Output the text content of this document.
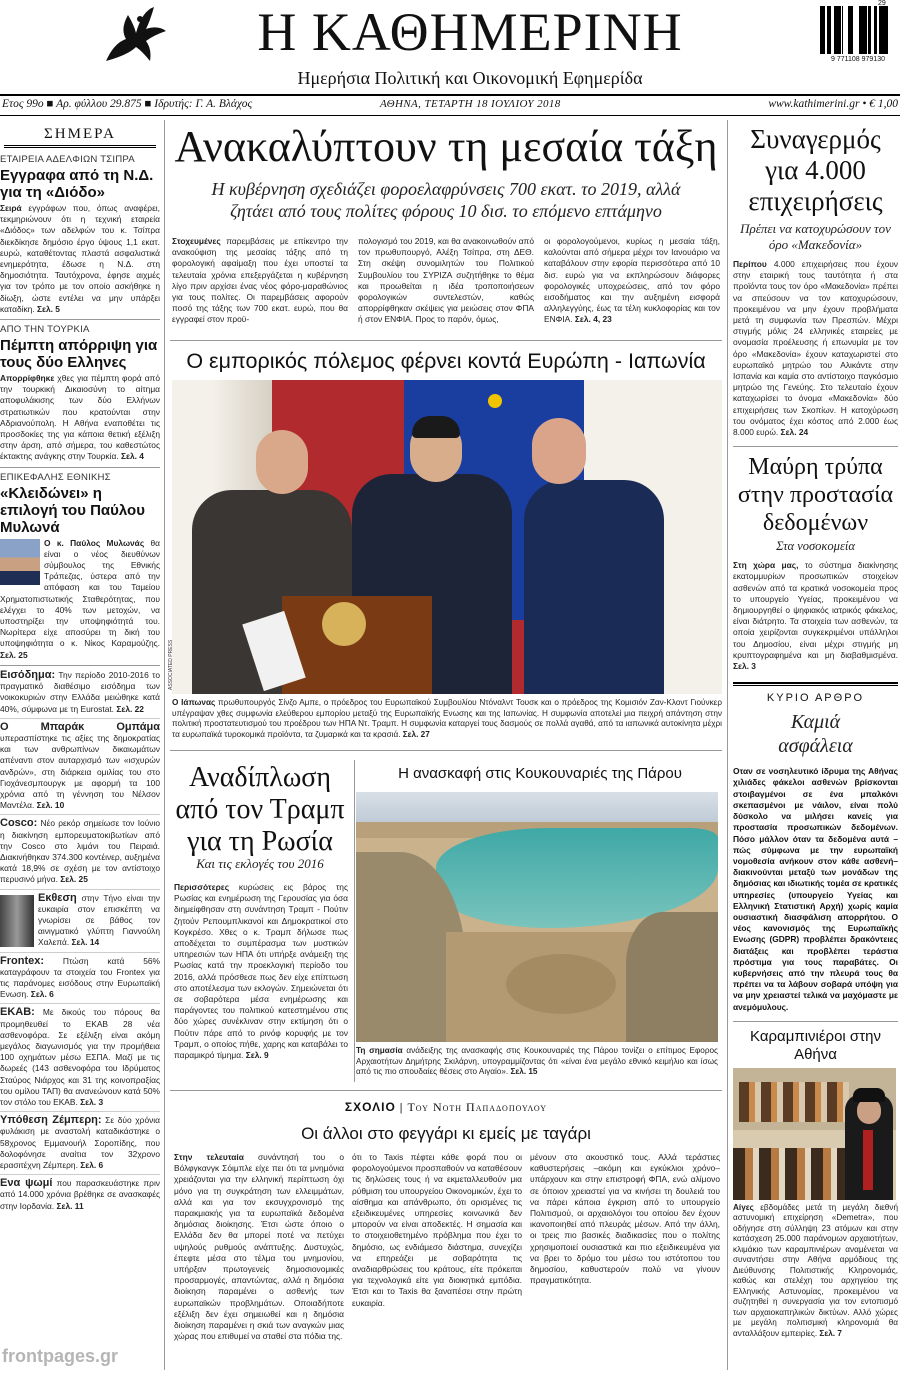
Η ΚΑΘΗΜΕΡΙΝΗ
Ημερήσια Πολιτική και Οικονομική Εφημερίδα
29
9 771108 979130
Ετος 99ο ■ Αρ. φύλλου 29.875 ■ Ιδρυτής: Γ. Α. Βλάχος	ΑΘΗΝΑ, ΤΕΤΑΡΤΗ 18 ΙΟΥΛΙΟΥ 2018	www.kathimerini.gr • € 1,00
ΣΗΜΕΡΑ
ΕΤΑΙΡΕΙΑ ΑΔΕΛΦΙΩΝ ΤΣΙΠΡΑ
Εγγραφα από τη Ν.Δ. για τη «Διόδο»
Σειρά εγγράφων που, όπως αναφέρει, τεκμηριώνουν ότι η τεχνική εταιρεία «Διόδος» των αδελφών του κ. Τσίπρα διεκδίκησε δημόσιο έργο ύψους 1,1 εκατ. ευρώ, καταθέτοντας πλαστά ασφαλιστικά ενημερότητα, έδωσε η Ν.Δ. στη δημοσιότητα. Ταυτόχρονα, έφησε αιχμές για τον τρόπο με τον οποίο ασκήθηκε η δίωξη, ώστε εντέλει να μην υπάρξει καταδίκη. Σελ. 5
ΑΠΟ ΤΗΝ ΤΟΥΡΚΙΑ
Πέμπτη απόρριψη για τους δύο Ελληνες
Απορρίφθηκε χθες για πέμπτη φορά από την τουρκική Δικαιοσύνη το αίτημα αποφυλάκισης των δύο Ελλήνων στρατιωτικών που κρατούνται στην Αδριανούπολη. Η Αθήνα εναποθέτει τις προσδοκίες της για κάποια θετική εξέλιξη στην άρση, από σήμερα, του καθεστώτος έκτακτης ανάγκης στην Τουρκία. Σελ. 4
ΕΠΙΚΕΦΑΛΗΣ ΕΘΝΙΚΗΣ
«Κλειδώνει» η επιλογή του Παύλου Μυλωνά
Ο κ. Παύλος Μυλωνάς θα είναι ο νέος διευθύνων σύμβουλος της Εθνικής Τράπεζας, ύστερα από την απόφαση και του Ταμείου Χρηματοπιστωτικής Σταθερότητας, που ελέγχει το 40% των μετοχών, να υποστηρίξει την υποψηφιότητά του. Νωρίτερα είχε αποσύρει τη δική του υποψηφιότητα ο κ. Νίκος Καραμούζης. Σελ. 25
Εισόδημα: Την περίοδο 2010-2016 το πραγματικό διαθέσιμο εισόδημα των νοικοκυριών στην Ελλάδα μειώθηκε κατά 40%, σύμφωνα με τη Eurostat. Σελ. 22
Ο Μπαράκ Ομπάμα υπερασπίστηκε τις αξίες της δημοκρατίας και των ανθρωπίνων δικαιωμάτων απέναντι στον αυταρχισμό των «ισχυρών ανδρών», στη διάρκεια ομιλίας του στο Γιοχάνεσμπουργκ με αφορμή τα 100 χρόνια από τη γέννηση του Νέλσον Μαντέλα. Σελ. 10
Cosco: Νέο ρεκόρ σημείωσε τον Ιούνιο η διακίνηση εμπορευματοκιβωτίων από την Cosco στο λιμάνι του Πειραιά. Διακινήθηκαν 374.300 κοντέινερ, αυξημένα κατά 18,9% σε σχέση με τον αντίστοιχο περυσινό μήνα. Σελ. 25
Εκθεση στην Τήνο είναι την ευκαιρία στον επισκέπτη να γνωρίσει σε βάθος τον αινιγματικό γλύπτη Γιαννούλη Χαλεπά. Σελ. 14
Frontex: Πτώση κατά 56% καταγράφουν τα στοιχεία του Frontex για τις παράνομες εισόδους στην Ευρωπαϊκή Ενωση. Σελ. 6
ΕΚΑΒ: Με δικούς του πόρους θα προμηθευθεί το ΕΚΑΒ 28 νέα ασθενοφόρα. Σε εξέλιξη είναι ακόμη μεγάλος διαγωνισμός για την προμήθεια 100 οχημάτων μέσω ΕΣΠΑ. Μαζί με τις δωρεές (143 ασθενοφόρα του Ιδρύματος Σταύρος Νιάρχος και 31 της κοινοπραξίας του ομίλου ΤΑΠ) θα ανανεώνουν κατά 50% τον στόλο του ΕΚΑΒ. Σελ. 3
Υπόθεση Ζέμπερη: Σε δύο χρόνια φυλάκιση με αναστολή καταδικάστηκε ο 58χρονος Εμμανουήλ Σοροπίδης, που δολοφόνησε αναίτια τον 32χρονο ερασιτέχνη Ζέμπερη. Σελ. 6
Ενα ψωμί που παρασκευάστηκε πριν από 14.000 χρόνια βρέθηκε σε ανασκαφές στην Ιορδανία. Σελ. 11
frontpages.gr
Ανακαλύπτουν τη μεσαία τάξη
Η κυβέρνηση σχεδιάζει φοροελαφρύνσεις 700 εκατ. το 2019, αλλά ζητάει από τους πολίτες φόρους 10 δισ. το επόμενο επτάμηνο
Στοχευμένες παρεμβάσεις με επίκεντρο την ανακούφιση της μεσαίας τάξης από τη φορολογική αφαίμαξη που έχει υποστεί τα τελευταία χρόνια επεξεργάζεται η κυβέρνηση λίγο πριν αρχίσει ένας νέος φόρο-μαραθώνιος για τους πολίτες. Οι παρεμβάσεις αφορούν ποσό της τάξης των 700 εκατ. ευρώ, που θα εγγραφεί στον προϋ-
πολογισμό του 2019, και θα ανακοινωθούν από τον πρωθυπουργό, Αλέξη Τσίπρα, στη ΔΕΘ. Στη σκέψη συνομιλητών του Πολιτικού Συμβουλίου του ΣΥΡΙΖΑ συζητήθηκε το θέμα και προωθείται η ιδέα τροποποιήσεων φορολογικών συντελεστών, καθώς απορρίφθηκαν σκέψεις για μειώσεις στον ΦΠΑ ή στον ΕΝΦΙΑ. Προς το παρόν, όμως,
οι φορολογούμενοι, κυρίως η μεσαία τάξη, καλούνται από σήμερα μέχρι τον Ιανουάριο να καταβάλουν στην εφορία περισσότερα από 10 δισ. ευρώ για να εκπληρώσουν διάφορες φορολογικές υποχρεώσεις, από τον φόρο εισοδήματος και την αυξημένη εισφορά αλληλεγγύης, έως τα τέλη κυκλοφορίας και τον ΕΝΦΙΑ. Σελ. 4, 23
Ο εμπορικός πόλεμος φέρνει κοντά Ευρώπη - Ιαπωνία
ASSOCIATED PRESS
Ο Ιάπωνας πρωθυπουργός Σίνζο Αμπε, ο πρόεδρος του Ευρωπαϊκού Συμβουλίου Ντόναλντ Τουσκ και ο πρόεδρος της Κομισιόν Ζαν-Κλοντ Γιούνκερ υπέγραψαν χθες συμφωνία ελεύθερου εμπορίου μεταξύ της Ευρωπαϊκής Ενωσης και της Ιαπωνίας. Η συμφωνία αποτελεί μια πειχρή απάντηση στην πολιτική προστατευτισμού του προέδρου των ΗΠΑ Ντ. Τραμπ. Η συμφωνία καταργεί τους δασμούς σε πολλά αγαθά, από τα ιαπωνικά αυτοκίνητα μέχρι τα ευρωπαϊκά τυροκομικά προϊόντα, τα ζυμαρικά και τα κρασιά. Σελ. 27
Αναδίπλωση από τον Τραμπ για τη Ρωσία
Και τις εκλογές του 2016
Περισσότερες κυρώσεις εις βάρος της Ρωσίας και ενημέρωση της Γερουσίας για όσα διημείφθησαν στη συνάντηση Τραμπ - Πούτιν ζητούν Ρεπουμπλικανοί και Δημοκρατικοί στο Κογκρέσο. Χθες ο κ. Τραμπ δήλωσε πως αποδέχεται το συμπέρασμα των μυστικών υπηρεσιών των ΗΠΑ ότι υπήρξε ανάμειξη της Ρωσίας κατά την προεκλογική περίοδο του 2016, αλλά πρόσθεσε πως δεν είχε επίπτωση στο αποτέλεσμα των εκλογών. Σημειώνεται ότι σε σοβαρότερα μέσα ενημέρωσης και παράγοντες του πολιτικού κατεστημένου στις δύο χώρες συνέκλιναν στην εκτίμηση ότι ο Πούτιν πάρε από το ρινόφ κορυφής με τον Τραμπ, ο οποίος πήθε, χαρης και καταβάλει το παραμικρό τίμημα. Σελ. 9
Η ανασκαφή στις Κουκουναριές της Πάρου
Τη σημασία ανάδειξης της ανασκαφής στις Κουκουναριές της Πάρου τονίζει ο επίτιμος Εφορος Αρχαιοτήτων Δημήτρης Σκιλάρνη, υπογραμμίζοντας ότι «είναι ένα μεγάλο εθνικό κειμήλιο και ίσως από τις πιο σπουδαίες θέσεις στο Αιγαίο». Σελ. 15
ΣΧΟΛΙΟ | Του Νοτη Παπαδοπουλου
Οι άλλοι στο φεγγάρι κι εμείς με ταγάρι
Στην τελευταία συνάντησή του ο Βόλφγκανγκ Σόιμπλε είχε πει ότι τα μνημόνια χρειάζονται για την ελληνική περίπτωση όχι μόνο για τη συγκράτηση των ελλειμμάτων, αλλά και για τον εκσυγχρονισμό της παρακμιακής για τα ευρωπαϊκά δεδομένα δημόσιας διοίκησης. Έτσι ώστε όποιο ο Ελλάδα δεν θα μπορεί ποτέ να πετύχει υψηλούς ρυθμούς ανάπτυξης. Δυστυχώς, έπεφτε μέσα στο τέλμα του μνημονίου, υπήρξαν πρωτογενείς δημοσιονομικές προσαρμογές, απαντώντας, αλλά η δημόσια διοίκηση παραμένει ο ασθενής των ευρωπαϊκών προβλημάτων. Οποιαδήποτε εξέλιξη δεν έχει σημειωθεί και η δημόσια διοίκηση παραμένει η σκιά των αναγκών μιας χώρας που επιθυμεί να σταθεί στα πόδια της.
ότι το Taxis πέφτει κάθε φορά που οι φορολογούμενοι προσπαθούν να καταθέσουν τις δηλώσεις τους ή να εκμεταλλευθούν μια ρύθμιση του υπουργείου Οικονομικών, έχει το αίσθημα και απάνθρωπο, ότι ορισμένες τις εξειδικευμένες υπηρεσίες κοινωνικά δεν μπορούν να είναι αποδεκτές. Η σημασία και το στοιχειοθετημένο πρόβλημα που έχει το δημόσιο, ως ενδιάμεσο διάστημα, συνεχίζει να επηρεάζει με σοβαρότητα τις αναδιαρθρώσεις του κράτους, είτε πρόκειται για τεχνολογικά είτε για διοικητικά εμπόδια. Έτσι και το Taxis θα ξαναπέσει στην πρώτη ευκαιρία.
μένουν στο ακουστικό τους. Αλλά τεράστιες καθυστερήσεις –ακόμη και εγκύκλιοι χρόνο– υπάρχουν και στην επιστροφή ΦΠΑ, ενώ αλίμονο σε όποιον χρειαστεί για να κινήσει τη δουλειά του να πάρει κάποια έγκριση από το υπουργείο Πολιτισμού, οι αρχαιολόγοι του οποίου δεν έχουν ικανοποιηθεί από πλευράς μέσων. Από την άλλη, οι τρεις πιο βασικές διαδικασίες που ο πολίτης χρησιμοποιεί ουσιαστικά και πιο εξειδικευμένα για να βρει το δρόμο του μέσω του ιστότοπου του δημοσίου, καθυστερούν πολύ να γίνουν πραγματικότητα.
Συναγερμός για 4.000 επιχειρήσεις
Πρέπει να κατοχυρώσουν τον όρο «Μακεδονία»
Περίπου 4.000 επιχειρήσεις που έχουν στην εταιρική τους ταυτότητα ή στα προϊόντα τους τον όρο «Μακεδονία» πρέπει να σπεύσουν να τον κατοχυρώσουν, προκειμένου να μην έχουν προβλήματα μετά τη συμφωνία των Πρεσπών. Μέχρι στιγμής μόλις 24 ελληνικές εταιρείες με ονομασία προέλευσης ή επωνυμία με τον όρο «Μακεδονία» έχουν καταχωριστεί στο ευρωπαϊκό μητρώο του Αλικάντε στην Ισπανία και καμία στο αντίστοιχο παγκόσμιο μητρώο της Γενεύης. Στο τελευταίο έχουν καταχωρίσει το όνομα «Μακεδονία» δύο επιχειρήσεις των Σκοπίων. Η κατοχύρωση του ονόματος έχει κόστος από 2.000 έως 8.000 ευρώ. Σελ. 24
Μαύρη τρύπα στην προστασία δεδομένων
Στα νοσοκομεία
Στη χώρα μας, το σύστημα διακίνησης εκατομμυρίων προσωπικών στοιχείων ασθενών από τα κρατικά νοσοκομεία προς το υπουργείο Υγείας, προκειμένου να δημιουργηθεί ο ψηφιακός ιατρικός φάκελος, είναι διάτρητο. Τα στοιχεία των ασθενών, τα οποία χειρίζονται συγκεκριμένοι υπάλληλοι του Δημοσίου, είναι μέχρι στιγμής μη κρυπτογραφημένα και μη διαβαθμισμένα. Σελ. 3
ΚΥΡΙΟ ΑΡΘΡΟ
Καμιά ασφάλεια
Οταν σε νοσηλευτικό ίδρυμα της Αθήνας χιλιάδες φάκελοι ασθενών βρίσκονται στοιβαγμένοι σε ένα μπαλκόνι σκεπασμένοι με νάιλον, είναι πολύ δύσκολο να μιλήσει κανείς για προστασία προσωπικών δεδομένων. Πόσο μάλλον όταν τα δεδομένα αυτά –πώς σύμφωνα με την ευρωπαϊκή νομοθεσία ανήκουν στον κάθε ασθενή– διακινούνται μεταξύ των μονάδων της δημόσιας και ιδιωτικής τομέα σε κρατικές υπηρεσίες (υπουργείο Υγείας και Ελληνική Στατιστική Αρχή) χωρίς καμία ουσιαστική διασφάλιση απορρήτου. Ο νέος κανονισμός της Ευρωπαϊκής Ενωσης (GDPR) προβλέπει δρακόντειες διατάξεις και προβλέπει τεράστια πρόστιμα για τους παραβάτες. Οι κυβερνήσεις από την πλευρά τους θα πρέπει να τα λάβουν σοβαρά υπόψη για να μην χρειαστεί τελικά να μαχόμαστε με ανεμόμυλους.
Καραμπινιέροι στην Αθήνα
Αίγες εβδομάδες μετά τη μεγάλη διεθνή αστυνομική επιχείρηση «Demetra», που οδήγησε στη σύλληψη 23 ατόμων και στην κατάσχεση 25.000 παράνομων αρχαιοτήτων, κλιμάκιο των καραμπινιέρων αναμένεται να συναντήσει στην Αθήνα αρμόδιους της Διεύθυνσης Πολιτιστικής Κληρονομιάς, καθώς και στελέχη του αρχηγείου της Ελληνικής Αστυνομίας, προκειμένου να συζητηθεί η συνεργασία για τον εντοπισμό των αρχαιοκαπηλικών δικτύων. Αλλό χώρες με μεγάλη πολιτισμική κληρονομιά θα ανταλλάξουν εμπειρίες. Σελ. 7
